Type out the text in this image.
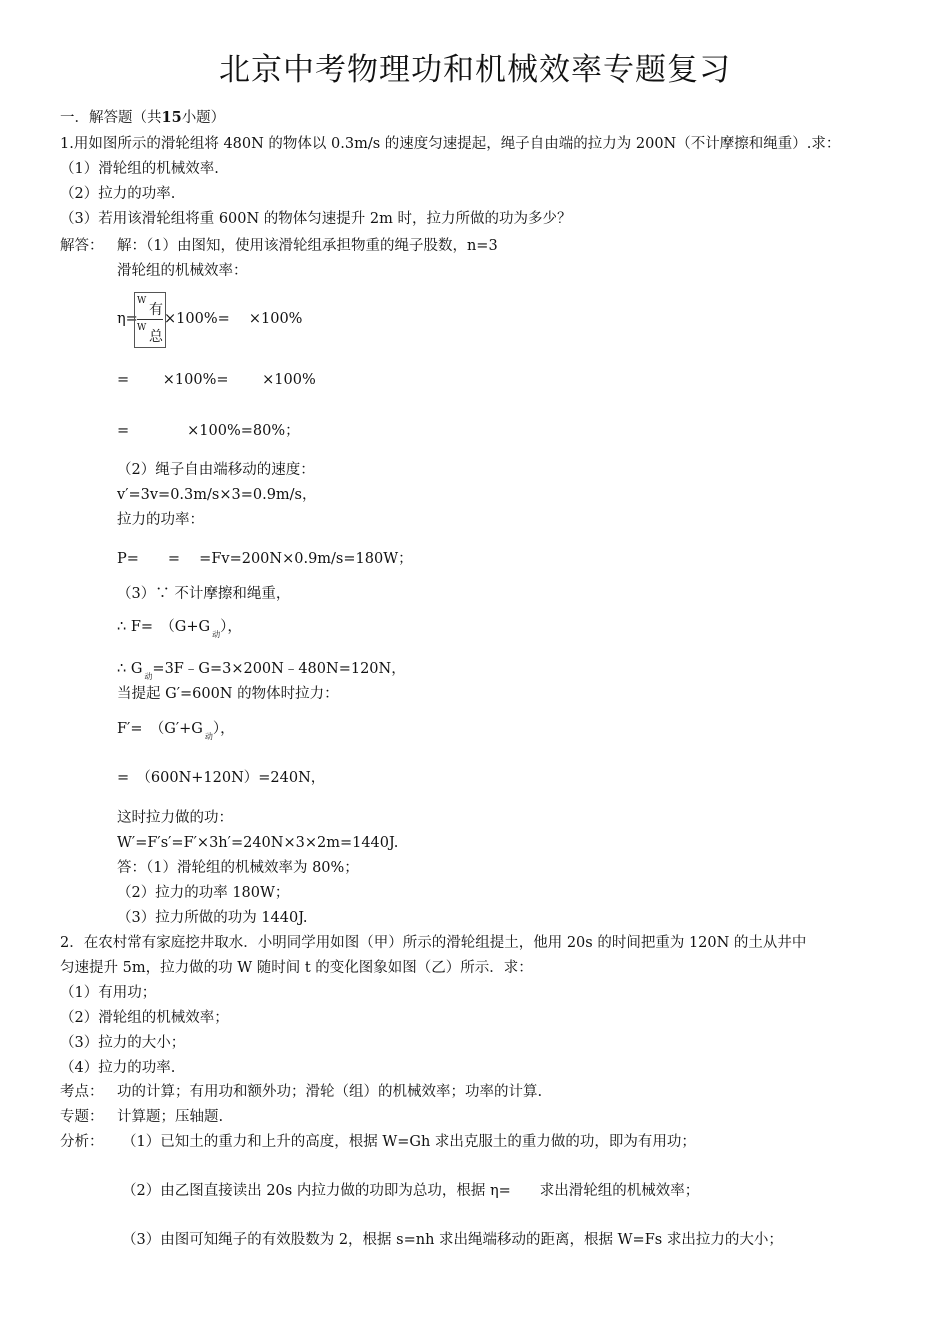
北京中考物理功和机械效率专题复习
一．解答题（共15小题）
1.用如图所示的滑轮组将 480N 的物体以 0.3m/s 的速度匀速提起，绳子自由端的拉力为 200N（不计摩擦和绳重）.求：
（1）滑轮组的机械效率.
（2）拉力的功率.
（3）若用该滑轮组将重 600N 的物体匀速提升 2m 时，拉力所做的功为多少？
解答： 解：（1）由图知，使用该滑轮组承担物重的绳子股数，n=3
滑轮组的机械效率：
η=
W
有
W
总
×100%=　 ×100%
=　　 ×100%=　　 ×100%
=　　　　×100%=80%；
（2）绳子自由端移动的速度：
v′=3v=0.3m/s×3=0.9m/s，
拉力的功率：
P=　　=　 =Fv=200N×0.9m/s=180W；
（3）∵ 不计摩擦和绳重，
∴ F=　（G+G $_动$），
∴ G $_动$=3F﹣G=3×200N﹣480N=120N，
当提起 G′=600N 的物体时拉力：
F′=　（G′+G $_动$），
=　（600N+120N）=240N，
这时拉力做的功：
W′=F′s′=F′×3h′=240N×3×2m=1440J.
答：（1）滑轮组的机械效率为 80%；
（2）拉力的功率 180W；
（3）拉力所做的功为 1440J.
2．在农村常有家庭挖井取水．小明同学用如图（甲）所示的滑轮组提土，他用 20s 的时间把重为 120N 的土从井中
匀速提升 5m，拉力做的功 W 随时间 t 的变化图象如图（乙）所示．求：
（1）有用功；
（2）滑轮组的机械效率；
（3）拉力的大小；
（4）拉力的功率.
考点： 功的计算；有用功和额外功；滑轮（组）的机械效率；功率的计算.
专题： 计算题；压轴题.
分析： （1）已知土的重力和上升的高度，根据 W=Gh 求出克服土的重力做的功，即为有用功；
（2）由乙图直接读出 20s 内拉力做的功即为总功，根据 η=　　求出滑轮组的机械效率；
（3）由图可知绳子的有效股数为 2，根据 s=nh 求出绳端移动的距离，根据 W=Fs 求出拉力的大小；
